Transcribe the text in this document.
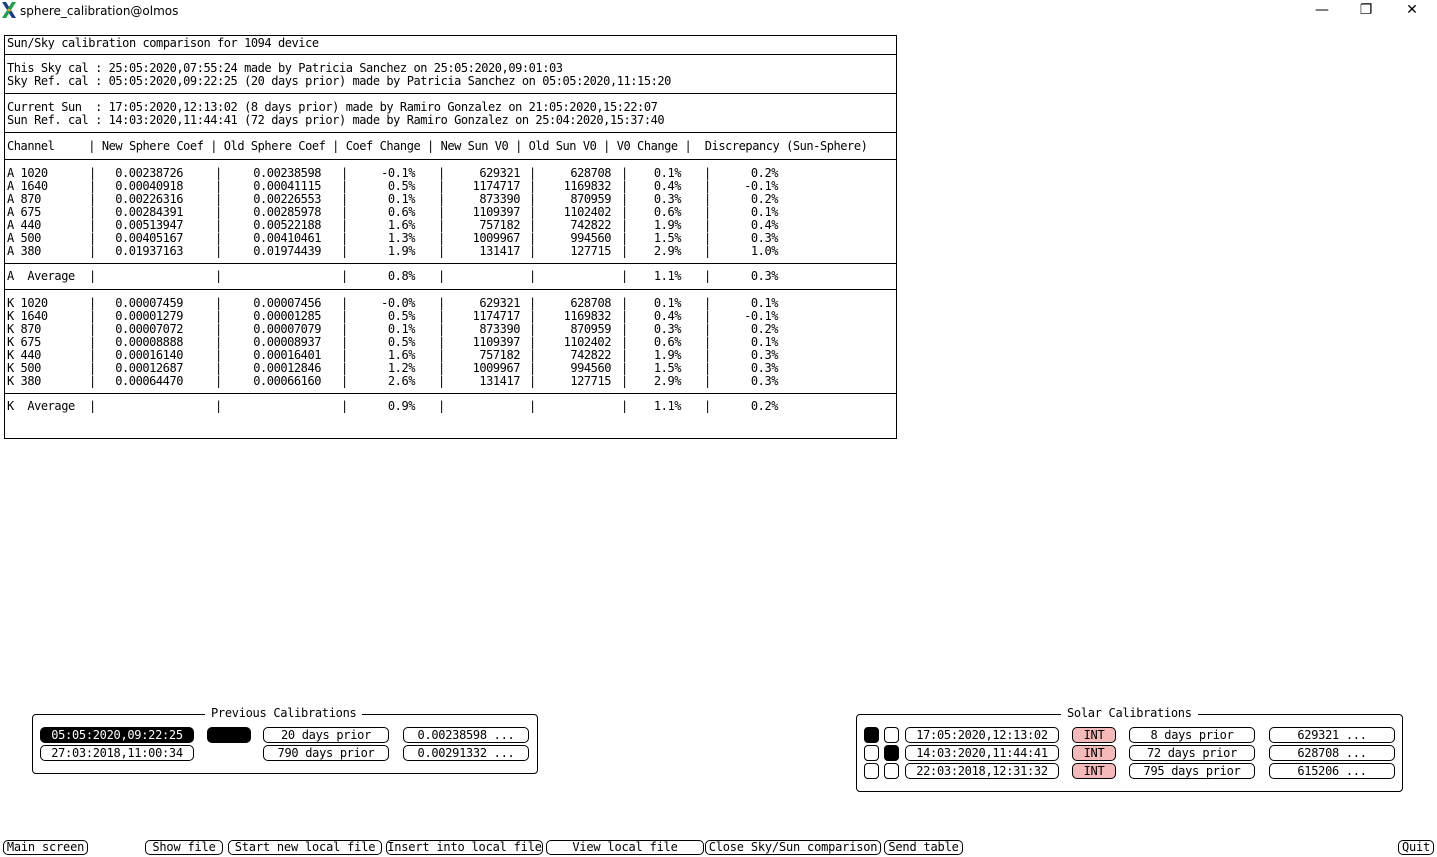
sphere_calibration@olmos	—	❐	✕
Sun/Sky calibration comparison for 1094 device
This Sky cal : 25:05:2020,07:55:24 made by Patricia Sanchez on 25:05:2020,09:01:03
Sky Ref. cal : 05:05:2020,09:22:25 (20 days prior) made by Patricia Sanchez on 05:05:2020,11:15:20
Current Sun  : 17:05:2020,12:13:02 (8 days prior) made by Ramiro Gonzalez on 21:05:2020,15:22:07
Sun Ref. cal : 14:03:2020,11:44:41 (72 days prior) made by Ramiro Gonzalez on 25:04:2020,15:37:40
Channel     | New Sphere Coef | Old Sphere Coef | Coef Change | New Sun V0 | Old Sun V0 | V0 Change |  Discrepancy (Sun-Sphere)
A 1020	|	0.00238726	|	0.00238598 |	-0.1% |	629321 |	628708 |	0.1% |	0.2%
A 1640	|	0.00040918	|	0.00041115 |	0.5% |	1174717 |	1169832 |	0.4% |	-0.1%
A 870	|	0.00226316	|	0.00226553 |	0.1% |	873390 |	870959 |	0.3% |	0.2%
A 675	|	0.00284391	|	0.00285978 |	0.6% |	1109397 |	1102402 |	0.6% |	0.1%
A 440	|	0.00513947	|	0.00522188 |	1.6% |	757182 |	742822 |	1.9% |	0.4%
A 500	|	0.00405167	|	0.00410461 |	1.3% |	1009967 |	994560 |	1.5% |	0.3%
A 380	|	0.01937163	|	0.01974439 |	1.9% |	131417 |	127715 |	2.9% |	1.0%
A  Average	|	|	|	0.8% |	|	|	1.1% |	0.3%
K 1020	|	0.00007459	|	0.00007456 |	-0.0% |	629321 |	628708 |	0.1% |	0.1%
K 1640	|	0.00001279	|	0.00001285 |	0.5% |	1174717 |	1169832 |	0.4% |	-0.1%
K 870	|	0.00007072	|	0.00007079 |	0.1% |	873390 |	870959 |	0.3% |	0.2%
K 675	|	0.00008888	|	0.00008937 |	0.5% |	1109397 |	1102402 |	0.6% |	0.1%
K 440	|	0.00016140	|	0.00016401 |	1.6% |	757182 |	742822 |	1.9% |	0.3%
K 500	|	0.00012687	|	0.00012846 |	1.2% |	1009967 |	994560 |	1.5% |	0.3%
K 380	|	0.00064470	|	0.00066160 |	2.6% |	131417 |	127715 |	2.9% |	0.3%
K  Average	|	|	|	0.9% |	|	|	1.1% |	0.2%
Previous Calibrations
05:05:2020,09:22:25	20 days prior	0.00238598 ...
27:03:2018,11:00:34	790 days prior	0.00291332 ...
Solar Calibrations
17:05:2020,12:13:02	INT	8 days prior	629321 ...
14:03:2020,11:44:41	INT	72 days prior	628708 ...
22:03:2018,12:31:32	INT	795 days prior	615206 ...
Main screen	Show file	Start new local file Insert into local file	View local file	Close Sky/Sun comparison Send table	Quit
